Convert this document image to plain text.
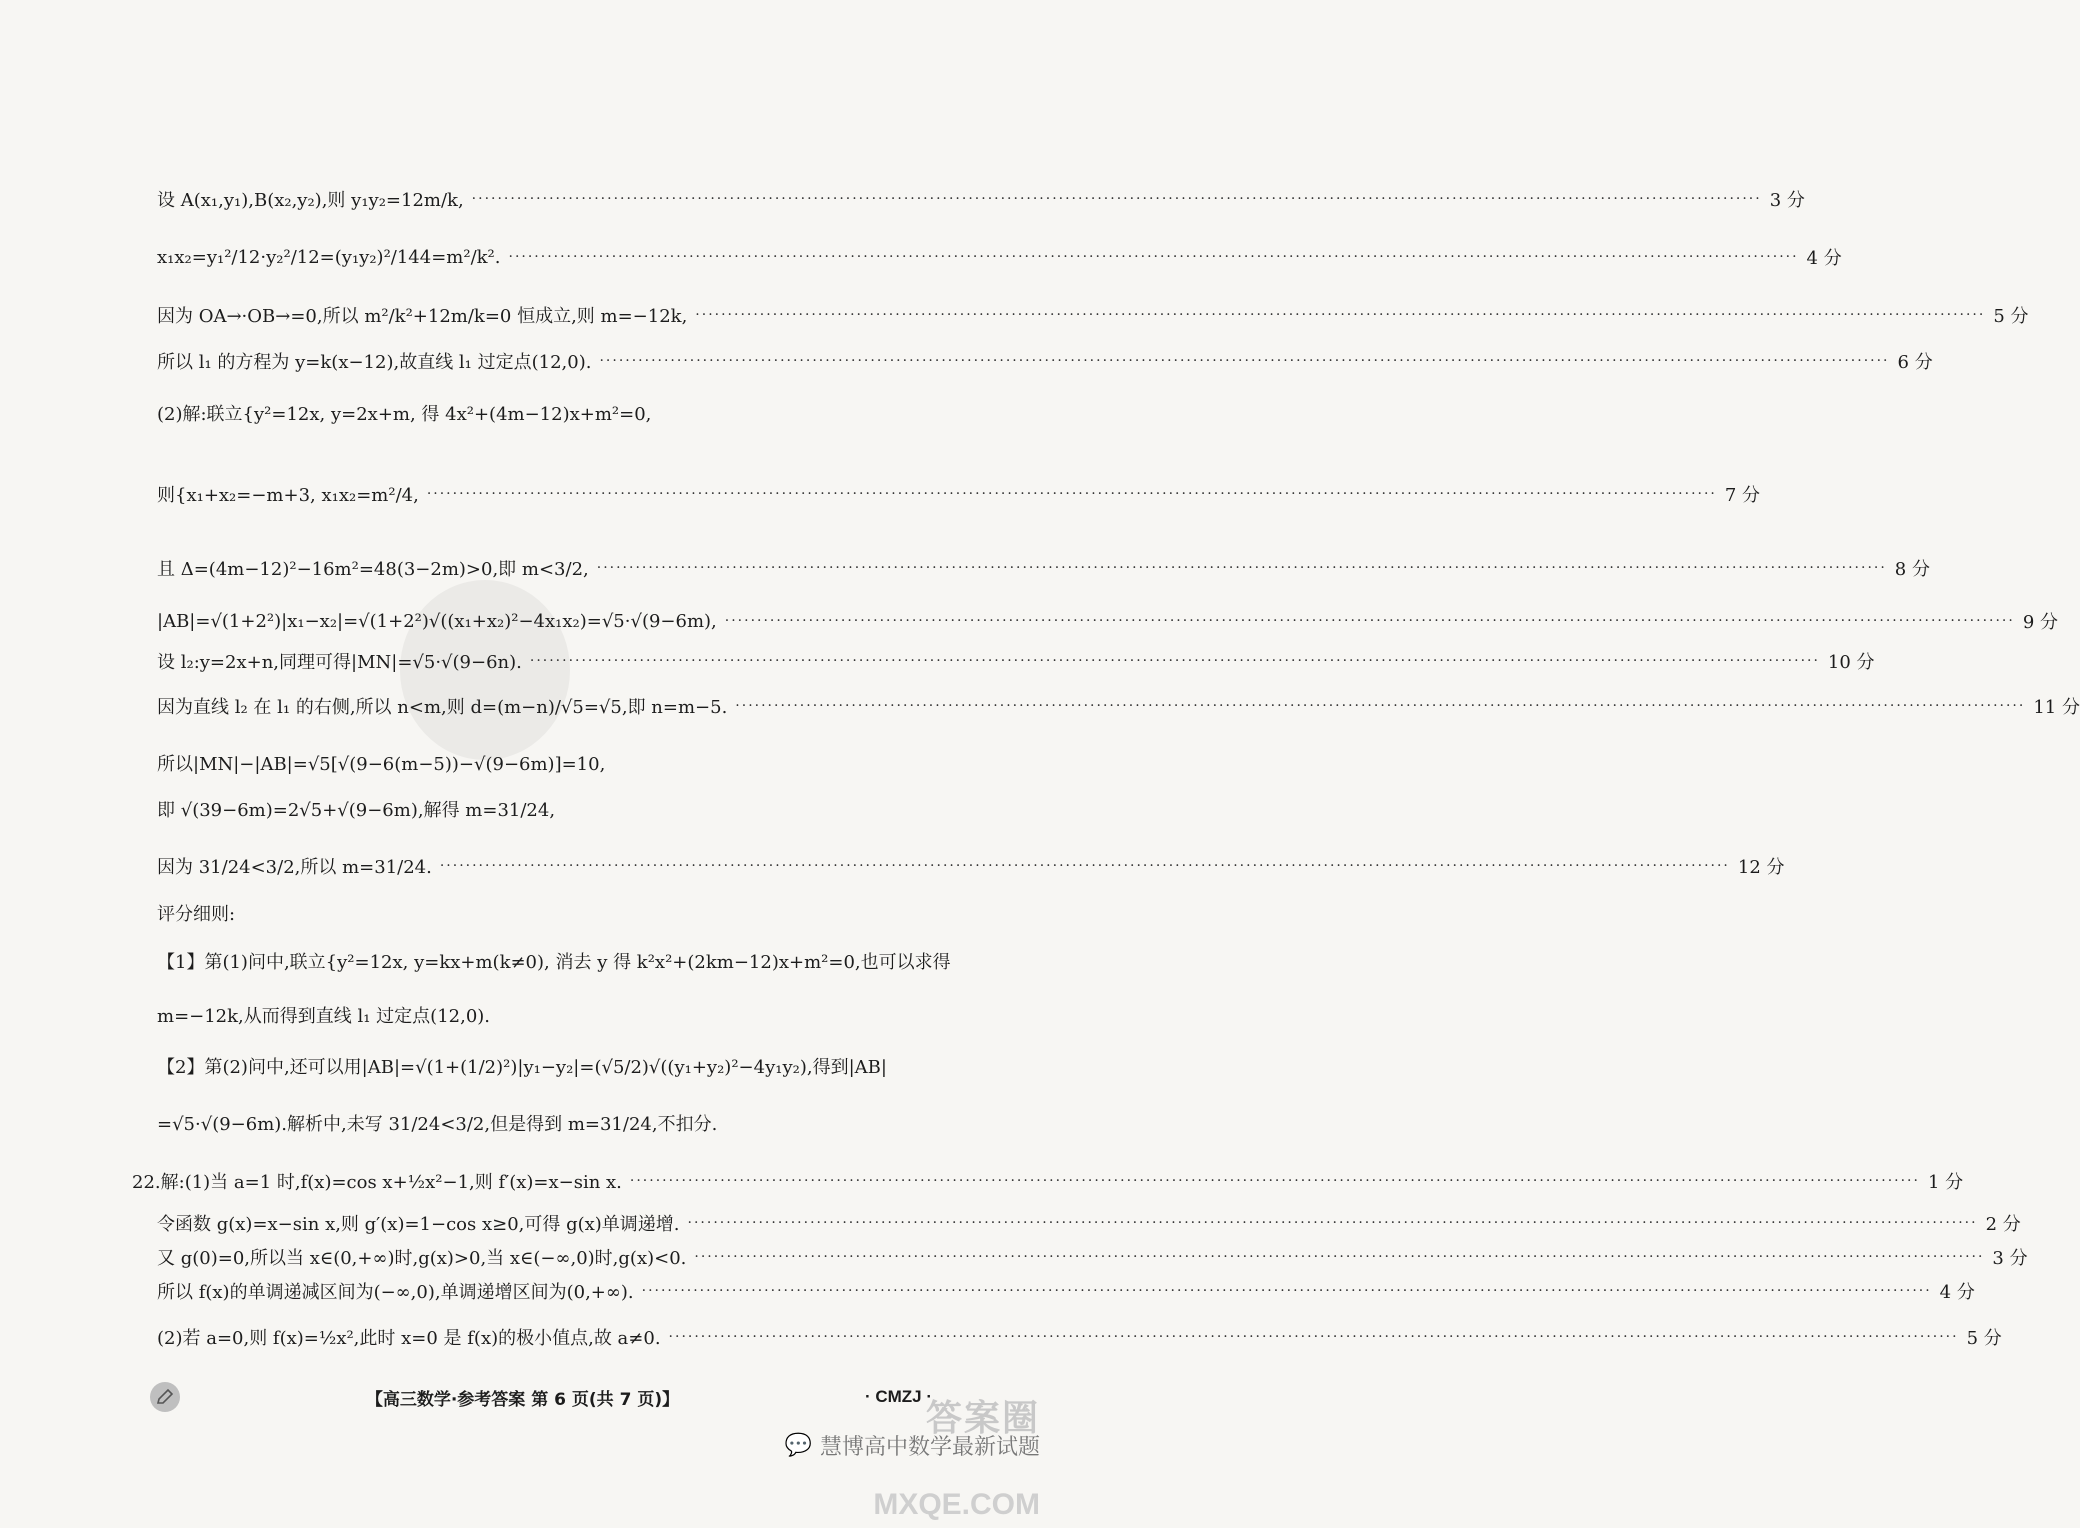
设 A(x₁,y₁),B(x₂,y₂),则 y₁y₂=12m/k, ········································································································································································································ 3 分
x₁x₂=y₁²/12·y₂²/12=(y₁y₂)²/144=m²/k². ········································································································································································································ 4 分
因为 OA→·OB→=0,所以 m²/k²+12m/k=0 恒成立,则 m=−12k, ········································································································································································································ 5 分
所以 l₁ 的方程为 y=k(x−12),故直线 l₁ 过定点(12,0). ········································································································································································································ 6 分
(2)解:联立{y²=12x, y=2x+m, 得 4x²+(4m−12)x+m²=0,
则{x₁+x₂=−m+3, x₁x₂=m²/4, ········································································································································································································ 7 分
且 Δ=(4m−12)²−16m²=48(3−2m)>0,即 m<3/2, ········································································································································································································ 8 分
|AB|=√(1+2²)|x₁−x₂|=√(1+2²)√((x₁+x₂)²−4x₁x₂)=√5·√(9−6m), ········································································································································································································ 9 分
设 l₂:y=2x+n,同理可得|MN|=√5·√(9−6n). ········································································································································································································ 10 分
因为直线 l₂ 在 l₁ 的右侧,所以 n<m,则 d=(m−n)/√5=√5,即 n=m−5. ········································································································································································································ 11 分
所以|MN|−|AB|=√5[√(9−6(m−5))−√(9−6m)]=10,
即 √(39−6m)=2√5+√(9−6m),解得 m=31/24,
因为 31/24<3/2,所以 m=31/24. ········································································································································································································ 12 分
评分细则:
【1】第(1)问中,联立{y²=12x, y=kx+m(k≠0), 消去 y 得 k²x²+(2km−12)x+m²=0,也可以求得
m=−12k,从而得到直线 l₁ 过定点(12,0).
【2】第(2)问中,还可以用|AB|=√(1+(1/2)²)|y₁−y₂|=(√5/2)√((y₁+y₂)²−4y₁y₂),得到|AB|
=√5·√(9−6m).解析中,未写 31/24<3/2,但是得到 m=31/24,不扣分.
22.解:(1)当 a=1 时,f(x)=cos x+½x²−1,则 f′(x)=x−sin x. ········································································································································································································ 1 分
令函数 g(x)=x−sin x,则 g′(x)=1−cos x≥0,可得 g(x)单调递增. ········································································································································································································ 2 分
又 g(0)=0,所以当 x∈(0,+∞)时,g(x)>0,当 x∈(−∞,0)时,g(x)<0. ········································································································································································································ 3 分
所以 f(x)的单调递减区间为(−∞,0),单调递增区间为(0,+∞). ········································································································································································································ 4 分
(2)若 a=0,则 f(x)=½x²,此时 x=0 是 f(x)的极小值点,故 a≠0. ········································································································································································································ 5 分
【高三数学·参考答案 第 6 页(共 7 页)】	· CMZJ ·
💬 慧博高中数学最新试题
答案圈
MXQE.COM
